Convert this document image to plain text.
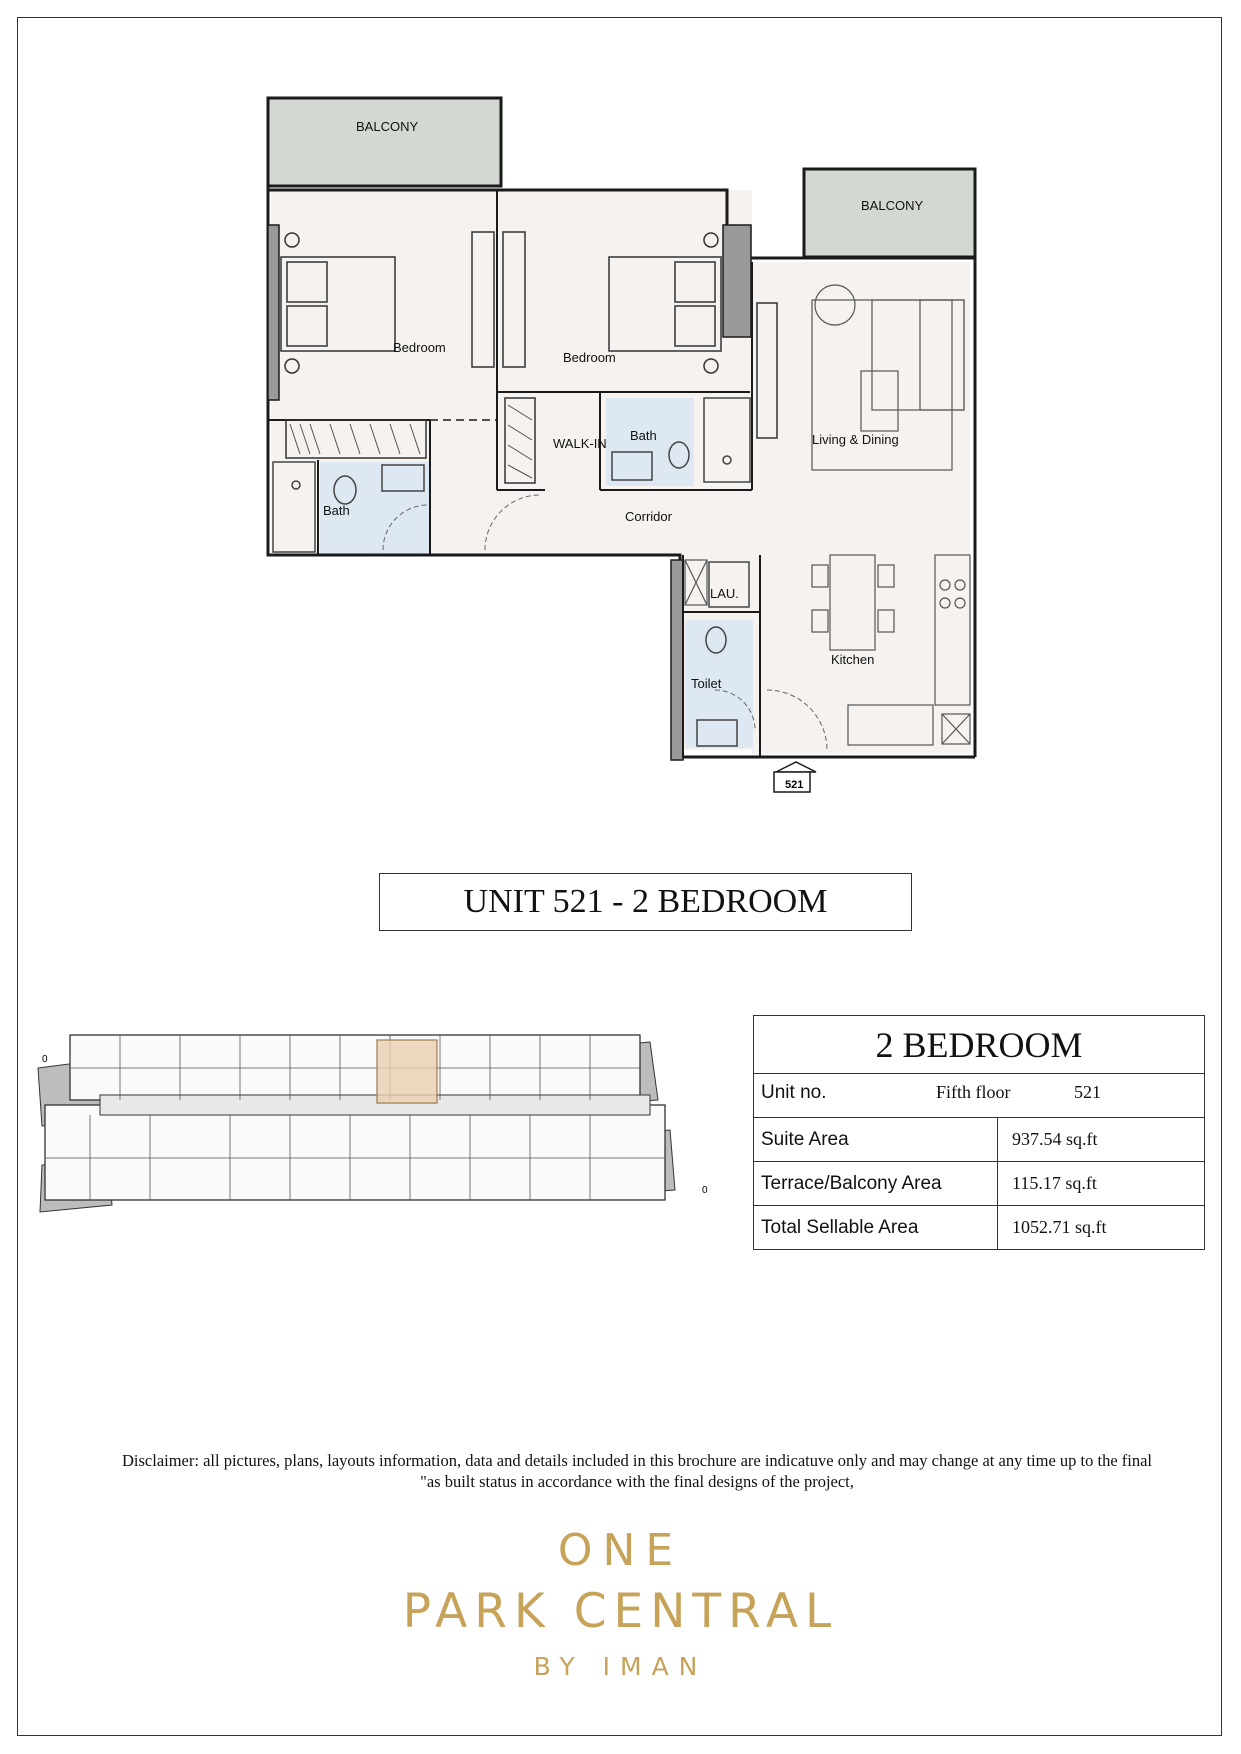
BALCONY
BALCONY
Bedroom
Bedroom
WALK-IN
Bath
Bath	Corridor
Living & Dining
LAU.
Toilet
Kitchen
521
UNIT 521 - 2 BEDROOM
0
0
2 BEDROOM	

Unit no. Fifth floor 521	

Suite Area	937.54 sq.ft
Terrace/Balcony Area	115.17 sq.ft
Total Sellable Area	1052.71 sq.ft
Disclaimer: all pictures, plans, layouts information, data and details included in this brochure are indicatuve only and may change at any time up to the final
"as built status in accordance with the final designs of the project,
ONE
PARK CENTRAL
BY IMAN
